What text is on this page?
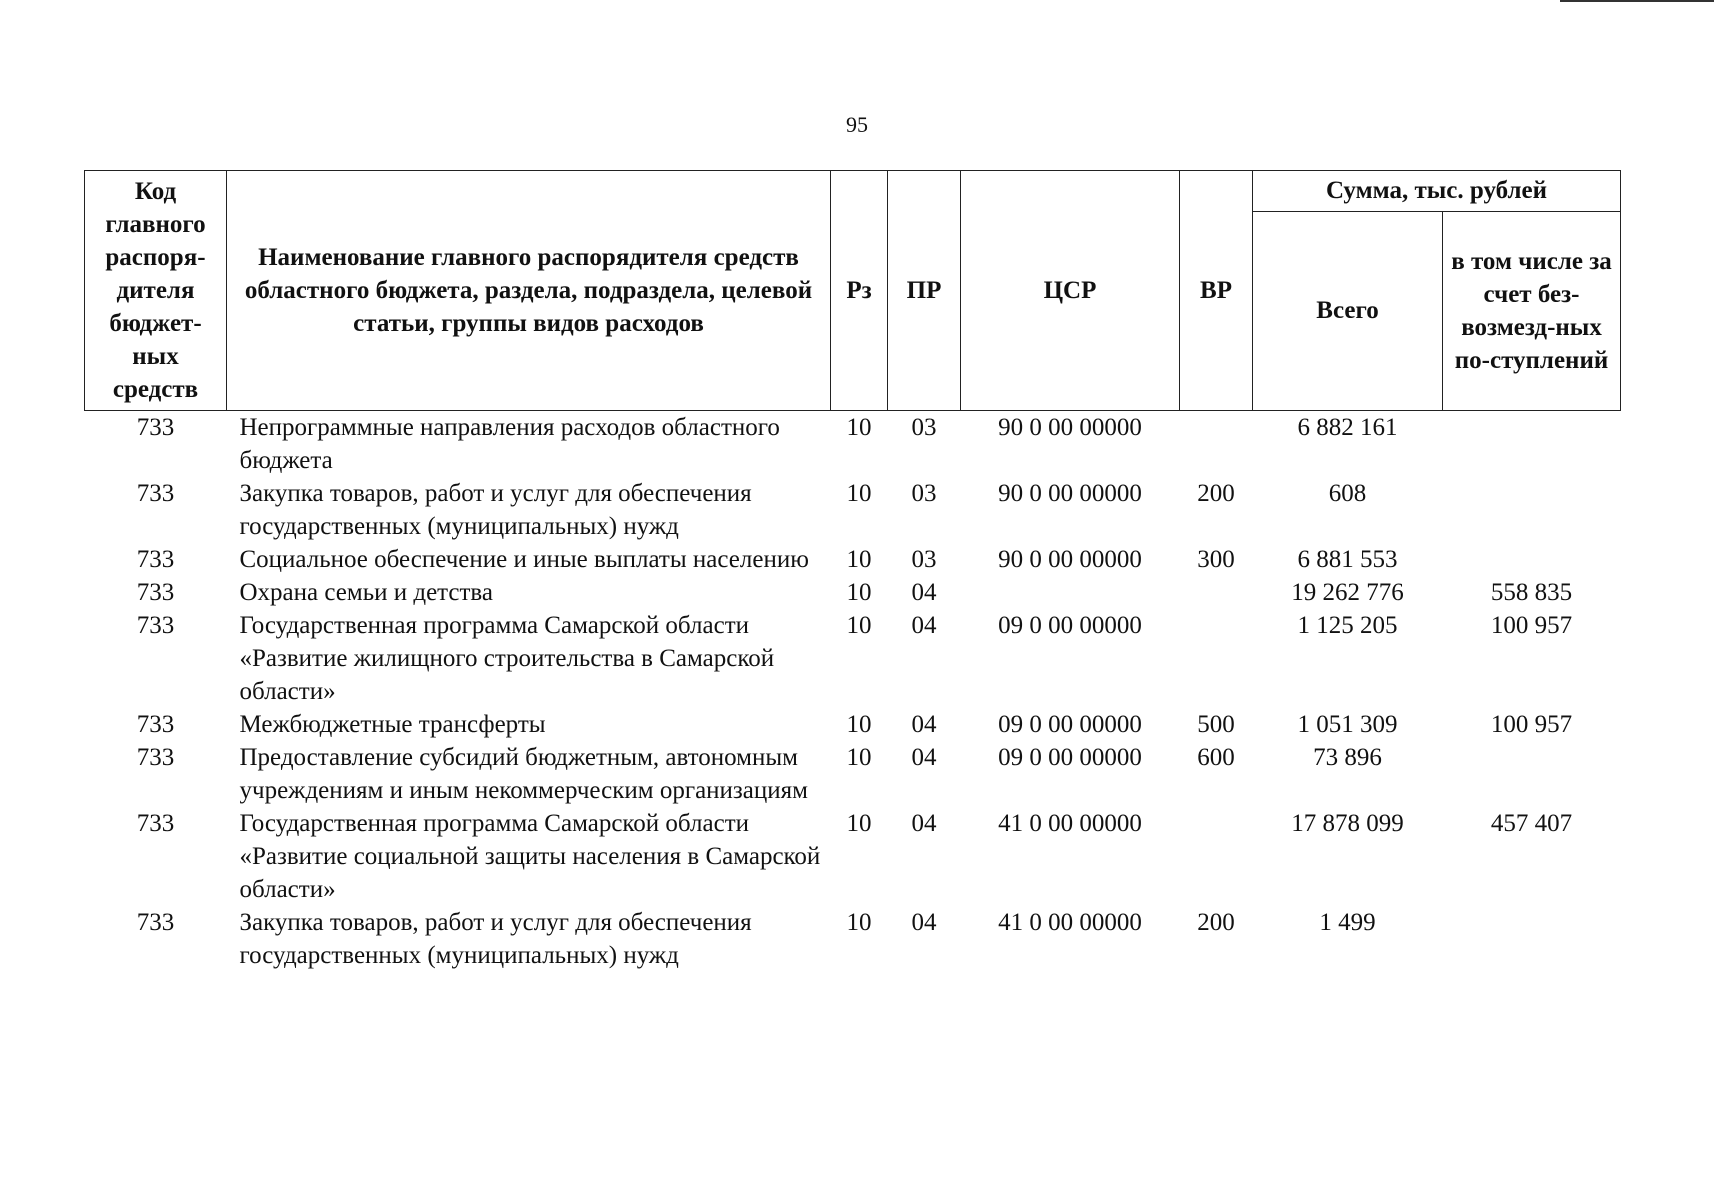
95
Код главного распоря-дителя бюджет-ных средств	Наименование главного распорядителя средств областного бюджета, раздела, подраздела, целевой статьи, группы видов расходов	Рз	ПР	ЦСР	ВР	Сумма, тыс. рублей	
						Всего	в том числе за счет без-возмезд-ных по-ступлений
733	Непрограммные направления расходов областного бюджета	10	03	90 0 00 00000		6 882 161	
733	Закупка товаров, работ и услуг для обеспечения государственных (муниципальных) нужд	10	03	90 0 00 00000	200	608	
733	Социальное обеспечение и иные выплаты населению	10	03	90 0 00 00000	300	6 881 553	
733	Охрана семьи и детства	10	04			19 262 776	558 835
733	Государственная программа Самарской области «Развитие жилищного строительства в Самарской области»	10	04	09 0 00 00000		1 125 205	100 957
733	Межбюджетные трансферты	10	04	09 0 00 00000	500	1 051 309	100 957
733	Предоставление субсидий бюджетным, автономным учреждениям и иным некоммерческим организациям	10	04	09 0 00 00000	600	73 896	
733	Государственная программа Самарской области «Развитие социальной защиты населения в Самарской области»	10	04	41 0 00 00000		17 878 099	457 407
733	Закупка товаров, работ и услуг для обеспечения государственных (муниципальных) нужд	10	04	41 0 00 00000	200	1 499	
